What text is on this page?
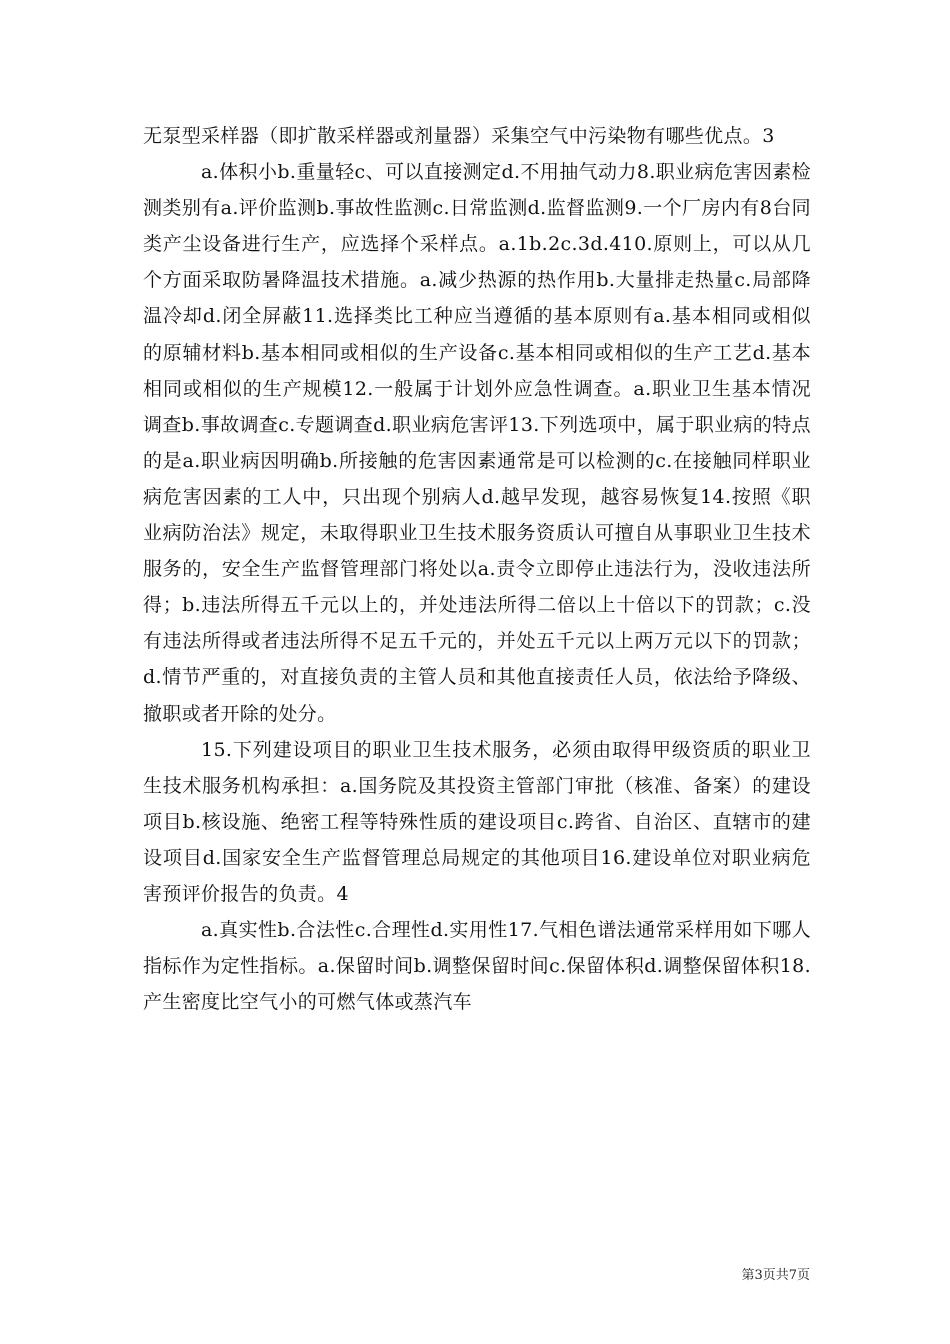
无泵型采样器（即扩散采样器或剂量器）采集空气中污染物有哪些优点。3

a.体积小b.重量轻c、可以直接测定d.不用抽气动力8.职业病危害因素检测类别有a.评价监测b.事故性监测c.日常监测d.监督监测9.一个厂房内有8台同类产尘设备进行生产，应选择个采样点。a.1b.2c.3d.410.原则上，可以从几个方面采取防暑降温技术措施。a.减少热源的热作用b.大量排走热量c.局部降温冷却d.闭全屏蔽11.选择类比工种应当遵循的基本原则有a.基本相同或相似的原辅材料b.基本相同或相似的生产设备c.基本相同或相似的生产工艺d.基本相同或相似的生产规模12.一般属于计划外应急性调查。a.职业卫生基本情况调查b.事故调查c.专题调查d.职业病危害评13.下列选项中，属于职业病的特点的是a.职业病因明确b.所接触的危害因素通常是可以检测的c.在接触同样职业病危害因素的工人中，只出现个别病人d.越早发现，越容易恢复14.按照《职业病防治法》规定，未取得职业卫生技术服务资质认可擅自从事职业卫生技术服务的，安全生产监督管理部门将处以a.责令立即停止违法行为，没收违法所得；b.违法所得五千元以上的，并处违法所得二倍以上十倍以下的罚款；c.没有违法所得或者违法所得不足五千元的，并处五千元以上两万元以下的罚款；d.情节严重的，对直接负责的主管人员和其他直接责任人员，依法给予降级、撤职或者开除的处分。

15.下列建设项目的职业卫生技术服务，必须由取得甲级资质的职业卫生技术服务机构承担：a.国务院及其投资主管部门审批（核准、备案）的建设项目b.核设施、绝密工程等特殊性质的建设项目c.跨省、自治区、直辖市的建设项目d.国家安全生产监督管理总局规定的其他项目16.建设单位对职业病危害预评价报告的负责。4

a.真实性b.合法性c.合理性d.实用性17.气相色谱法通常采样用如下哪人指标作为定性指标。a.保留时间b.调整保留时间c.保留体积d.调整保留体积18.产生密度比空气小的可燃气体或蒸汽车

第3页共7页
